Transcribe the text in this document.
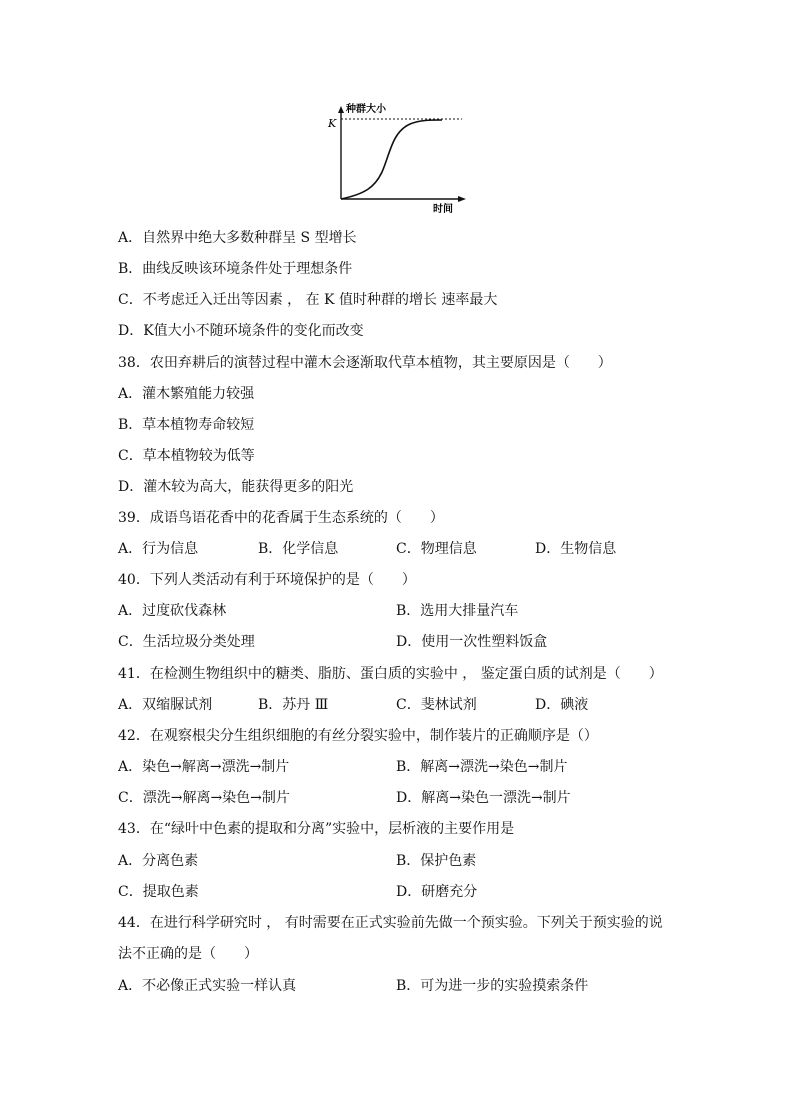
种群大小
K
时间
A．自然界中绝大多数种群呈 S 型增长
B．曲线反映该环境条件处于理想条件
C．不考虑迁入迁出等因素 ， 在 K 值时种群的增长 速率最大
D．K值大小不随环境条件的变化而改变
38．农田弃耕后的演替过程中灌木会逐渐取代草本植物，其主要原因是（　　）
A．灌木繁殖能力较强
B．草本植物寿命较短
C．草本植物较为低等
D．灌木较为高大，能获得更多的阳光
39．成语鸟语花香中的花香属于生态系统的（　　）
A．行为信息	B．化学信息	C．物理信息	D．生物信息
40．下列人类活动有利于环境保护的是（　　）
A．过度砍伐森林	B．选用大排量汽车
C．生活垃圾分类处理	D．使用一次性塑料饭盒
41．在检测生物组织中的糖类、脂肪、蛋白质的实验中 ， 鉴定蛋白质的试剂是（　　）
A．双缩脲试剂	B．苏丹 Ⅲ	C．斐林试剂	D．碘液
42．在观察根尖分生组织细胞的有丝分裂实验中，制作装片的正确顺序是（）
A．染色→解离→漂洗→制片	B．解离→漂洗→染色→制片
C．漂洗→解离→染色→制片	D．解离→染色一漂洗→制片
43．在“绿叶中色素的提取和分离”实验中，层析液的主要作用是
A．分离色素	B．保护色素
C．提取色素	D．研磨充分
44．在进行科学研究时 ， 有时需要在正式实验前先做一个预实验。下列关于预实验的说
法不正确的是（　　）
A．不必像正式实验一样认真	B．可为进一步的实验摸索条件
